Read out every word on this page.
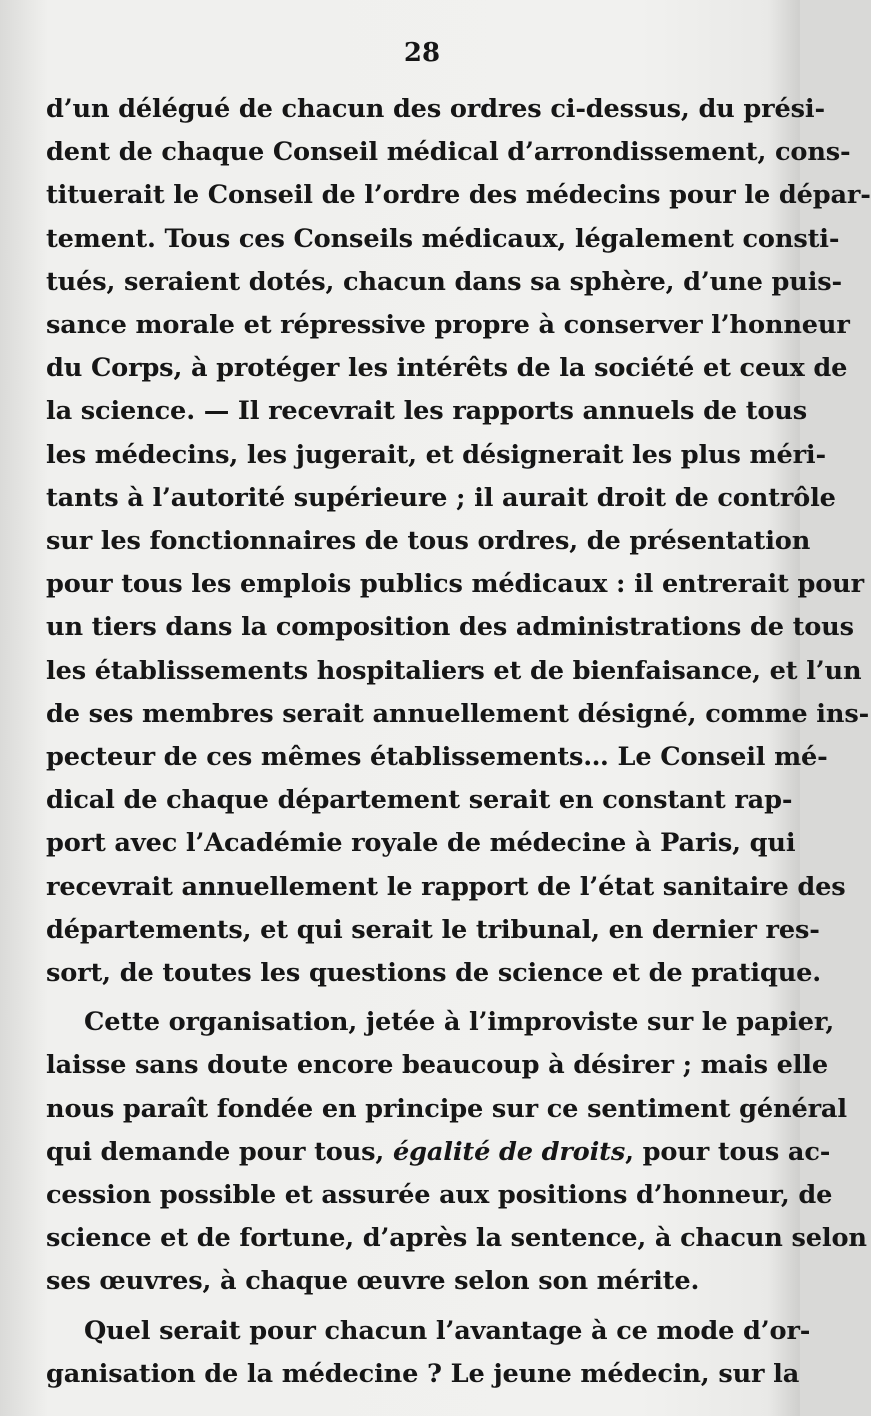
28
d’un délégué de chacun des ordres ci-dessus, du prési-
dent de chaque Conseil médical d’arrondissement, cons-
tituerait le Conseil de l’ordre des médecins pour le dépar-
tement. Tous ces Conseils médicaux, légalement consti-
tués, seraient dotés, chacun dans sa sphère, d’une puis-
sance morale et répressive propre à conserver l’honneur
du Corps, à protéger les intérêts de la société et ceux de
la science. — Il recevrait les rapports annuels de tous
les médecins, les jugerait, et désignerait les plus méri-
tants à l’autorité supérieure ; il aurait droit de contrôle
sur les fonctionnaires de tous ordres, de présentation
pour tous les emplois publics médicaux : il entrerait pour
un tiers dans la composition des administrations de tous
les établissements hospitaliers et de bienfaisance, et l’un
de ses membres serait annuellement désigné, comme ins-
pecteur de ces mêmes établissements… Le Conseil mé-
dical de chaque département serait en constant rap-
port avec l’Académie royale de médecine à Paris, qui
recevrait annuellement le rapport de l’état sanitaire des
départements, et qui serait le tribunal, en dernier res-
sort, de toutes les questions de science et de pratique.
Cette organisation, jetée à l’improviste sur le papier,
laisse sans doute encore beaucoup à désirer ; mais elle
nous paraît fondée en principe sur ce sentiment général
qui demande pour tous, égalité de droits, pour tous ac-
cession possible et assurée aux positions d’honneur, de
science et de fortune, d’après la sentence, à chacun selon
ses œuvres, à chaque œuvre selon son mérite.
Quel serait pour chacun l’avantage à ce mode d’or-
ganisation de la médecine ? Le jeune médecin, sur la
